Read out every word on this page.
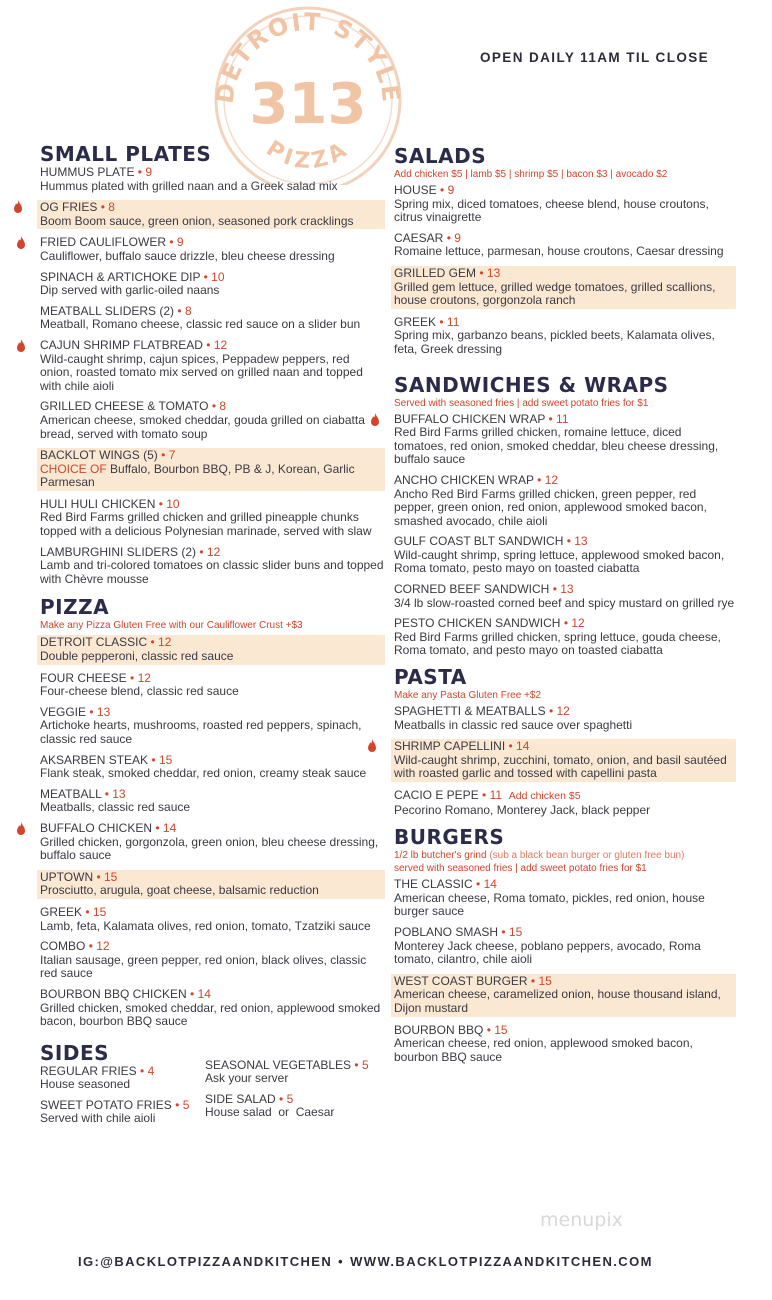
DETROIT STYLE
313
PIZZA
OPEN DAILY 11AM TIL CLOSE
SMALL PLATES
HUMMUS PLATE • 9
Hummus plated with grilled naan and a Greek salad mix
OG FRIES • 8
Boom Boom sauce, green onion, seasoned pork cracklings
FRIED CAULIFLOWER • 9
Cauliflower, buffalo sauce drizzle, bleu cheese dressing
SPINACH & ARTICHOKE DIP • 10
Dip served with garlic-oiled naans
MEATBALL SLIDERS (2) • 8
Meatball, Romano cheese, classic red sauce on a slider bun
CAJUN SHRIMP FLATBREAD • 12
Wild-caught shrimp, cajun spices, Peppadew peppers, red onion, roasted tomato mix served on grilled naan and topped with chile aioli
GRILLED CHEESE & TOMATO • 8
American cheese, smoked cheddar, gouda grilled on ciabatta bread, served with tomato soup
BACKLOT WINGS (5) • 7
CHOICE OF Buffalo, Bourbon BBQ, PB & J, Korean, Garlic Parmesan
HULI HULI CHICKEN • 10
Red Bird Farms grilled chicken and grilled pineapple chunks topped with a delicious Polynesian marinade, served with slaw
LAMBURGHINI SLIDERS (2) • 12
Lamb and tri-colored tomatoes on classic slider buns and topped with Chèvre mousse
PIZZA
Make any Pizza Gluten Free with our Cauliflower Crust +$3
DETROIT CLASSIC • 12
Double pepperoni, classic red sauce
FOUR CHEESE • 12
Four-cheese blend, classic red sauce
VEGGIE • 13
Artichoke hearts, mushrooms, roasted red peppers, spinach, classic red sauce
AKSARBEN STEAK • 15
Flank steak, smoked cheddar, red onion, creamy steak sauce
MEATBALL • 13
Meatballs, classic red sauce
BUFFALO CHICKEN • 14
Grilled chicken, gorgonzola, green onion, bleu cheese dressing, buffalo sauce
UPTOWN • 15
Prosciutto, arugula, goat cheese, balsamic reduction
GREEK • 15
Lamb, feta, Kalamata olives, red onion, tomato, Tzatziki sauce
COMBO • 12
Italian sausage, green pepper, red onion, black olives, classic red sauce
BOURBON BBQ CHICKEN • 14
Grilled chicken, smoked cheddar, red onion, applewood smoked bacon, bourbon BBQ sauce
SIDES
REGULAR FRIES • 4
House seasoned
SWEET POTATO FRIES • 5
Served with chile aioli
SEASONAL VEGETABLES • 5
Ask your server
SIDE SALAD • 5
House salad  or  Caesar
SALADS
Add chicken $5 | lamb $5 | shrimp $5 | bacon $3 | avocado $2
HOUSE • 9
Spring mix, diced tomatoes, cheese blend, house croutons, citrus vinaigrette
CAESAR • 9
Romaine lettuce, parmesan, house croutons, Caesar dressing
GRILLED GEM • 13
Grilled gem lettuce, grilled wedge tomatoes, grilled scallions, house croutons, gorgonzola ranch
GREEK • 11
Spring mix, garbanzo beans, pickled beets, Kalamata olives, feta, Greek dressing
SANDWICHES & WRAPS
Served with seasoned fries | add sweet potato fries for $1
BUFFALO CHICKEN WRAP • 11
Red Bird Farms grilled chicken, romaine lettuce, diced tomatoes, red onion, smoked cheddar, bleu cheese dressing, buffalo sauce
ANCHO CHICKEN WRAP • 12
Ancho Red Bird Farms grilled chicken, green pepper, red pepper, green onion, red onion, applewood smoked bacon, smashed avocado, chile aioli
GULF COAST BLT SANDWICH • 13
Wild-caught shrimp, spring lettuce, applewood smoked bacon, Roma tomato, pesto mayo on toasted ciabatta
CORNED BEEF SANDWICH • 13
3/4 lb slow-roasted corned beef and spicy mustard on grilled rye
PESTO CHICKEN SANDWICH • 12
Red Bird Farms grilled chicken, spring lettuce, gouda cheese, Roma tomato, and pesto mayo on toasted ciabatta
PASTA
Make any Pasta Gluten Free +$2
SPAGHETTI & MEATBALLS • 12
Meatballs in classic red sauce over spaghetti
SHRIMP CAPELLINI • 14
Wild-caught shrimp, zucchini, tomato, onion, and basil sautéed with roasted garlic and tossed with capellini pasta
CACIO E PEPE • 11 Add chicken $5
Pecorino Romano, Monterey Jack, black pepper
BURGERS
1/2 lb butcher's grind (sub a black bean burger or gluten free bun)
served with seasoned fries | add sweet potato fries for $1
THE CLASSIC • 14
American cheese, Roma tomato, pickles, red onion, house burger sauce
POBLANO SMASH • 15
Monterey Jack cheese, poblano peppers, avocado, Roma tomato, cilantro, chile aioli
WEST COAST BURGER • 15
American cheese, caramelized onion, house thousand island, Dijon mustard
BOURBON BBQ • 15
American cheese, red onion, applewood smoked bacon, bourbon BBQ sauce
menupix
IG:@BACKLOTPIZZAANDKITCHEN • WWW.BACKLOTPIZZAANDKITCHEN.COM
